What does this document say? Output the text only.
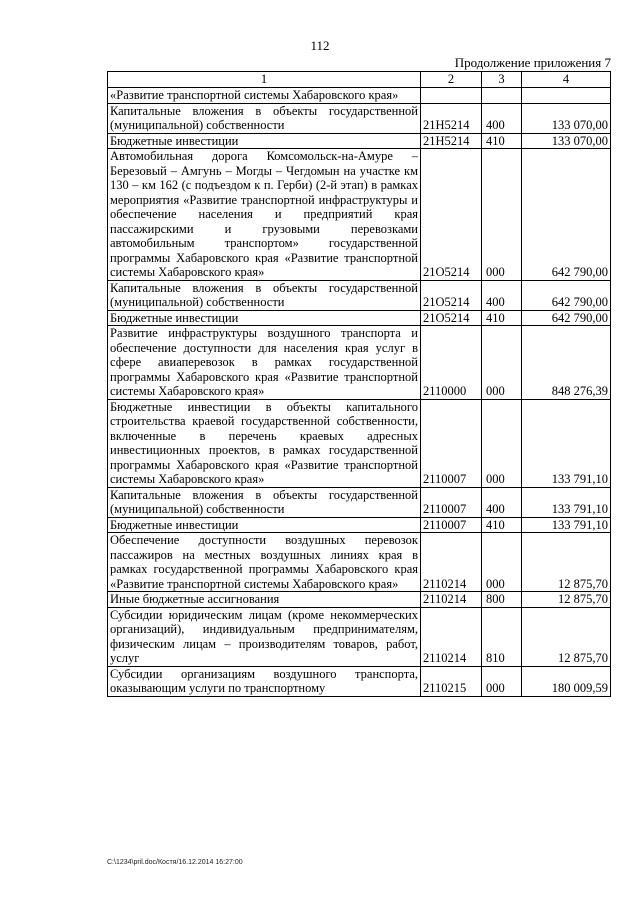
112
Продолжение приложения 7
1	2	3	4
«Развитие транспортной системы Хабаровского края»			
Капитальные вложения в объекты государственной (муниципальной) собственности	21Н5214	400	133 070,00
Бюджетные инвестиции	21Н5214	410	133 070,00
Автомобильная дорога Комсомольск-на-Амуре – Березовый – Амгунь – Могды – Чегдомын на участке км 130 – км 162 (с подъездом к п. Герби) (2-й этап) в рамках мероприятия «Развитие транспортной инфраструктуры и обеспечение населения и предприятий края пассажирскими и грузовыми перевозками автомобильным транспортом» государственной программы Хабаровского края «Развитие транспортной системы Хабаровского края»	21О5214	000	642 790,00
Капитальные вложения в объекты государственной (муниципальной) собственности	21О5214	400	642 790,00
Бюджетные инвестиции	21О5214	410	642 790,00
Развитие инфраструктуры воздушного транспорта и обеспечение доступности для населения края услуг в сфере авиаперевозок в рамках государственной программы Хабаровского края «Развитие транспортной системы Хабаровского края»	2110000	000	848 276,39
Бюджетные инвестиции в объекты капитального строительства краевой государственной собственности, включенные в перечень краевых адресных инвестиционных проектов, в рамках государственной программы Хабаровского края «Развитие транспортной системы Хабаровского края»	2110007	000	133 791,10
Капитальные вложения в объекты государственной (муниципальной) собственности	2110007	400	133 791,10
Бюджетные инвестиции	2110007	410	133 791,10
Обеспечение доступности воздушных перевозок пассажиров на местных воздушных линиях края в рамках государственной программы Хабаровского края «Развитие транспортной системы Хабаровского края»	2110214	000	12 875,70
Иные бюджетные ассигнования	2110214	800	12 875,70
Субсидии юридическим лицам (кроме некоммерческих организаций), индивидуальным предпринимателям, физическим лицам – производителям товаров, работ, услуг	2110214	810	12 875,70
Субсидии организациям воздушного транспорта, оказывающим услуги по транспортному	2110215	000	180 009,59
C:\1234\pril.doc/Костя/16.12.2014 16:27:00
